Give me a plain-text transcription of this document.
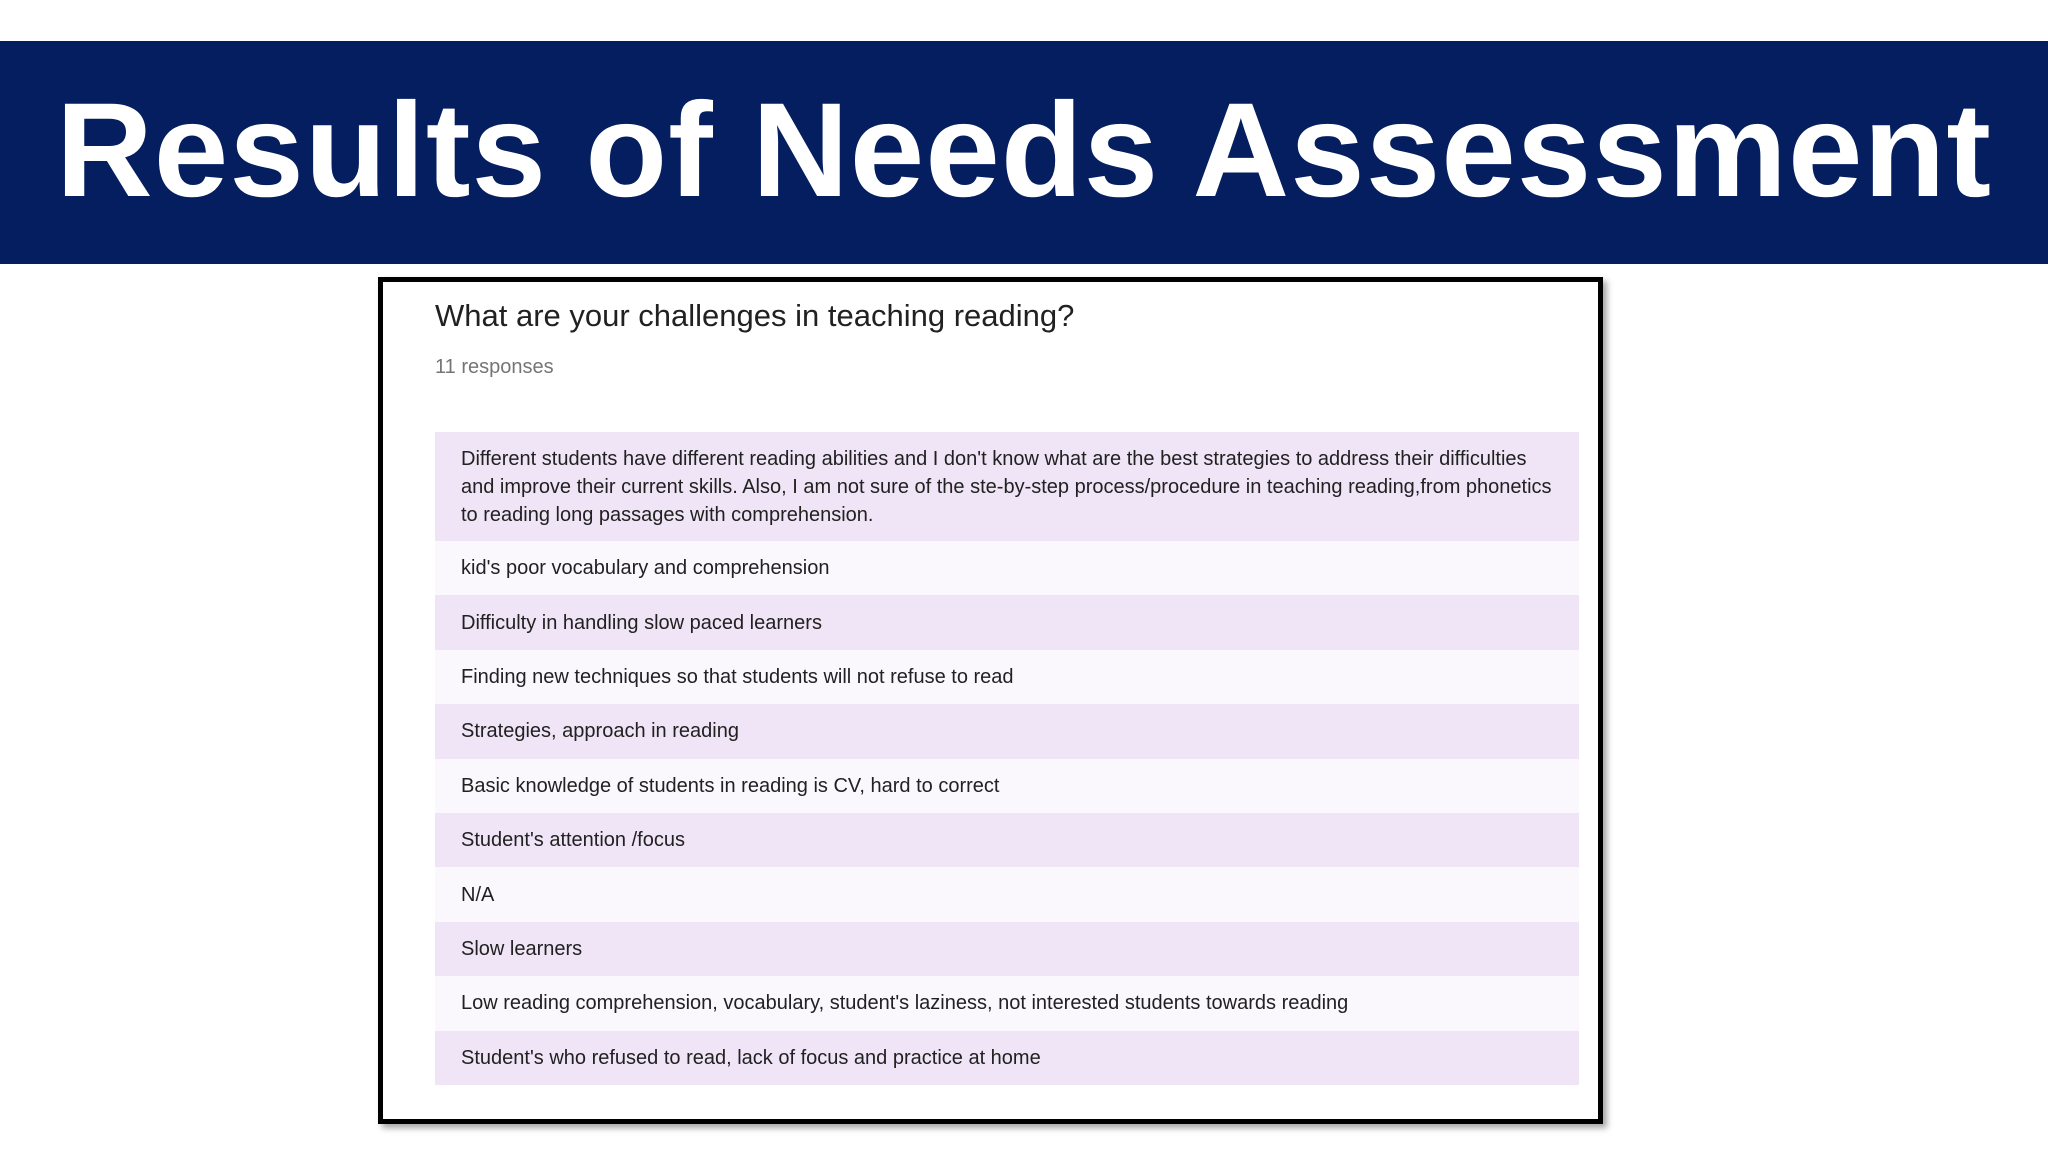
Results of Needs Assessment
What are your challenges in teaching reading?
11 responses
Different students have different reading abilities and I don't know what are the best strategies to address their difficulties and improve their current skills. Also, I am not sure of the ste-by-step process/procedure in teaching reading,from phonetics to reading long passages with comprehension.
kid's poor vocabulary and comprehension
Difficulty in handling slow paced learners
Finding new techniques so that students will not refuse to read
Strategies, approach in reading
Basic knowledge of students in reading is CV, hard to correct
Student's attention /focus
N/A
Slow learners
Low reading comprehension, vocabulary, student's laziness, not interested students towards reading
Student's who refused to read, lack of focus and practice at home
